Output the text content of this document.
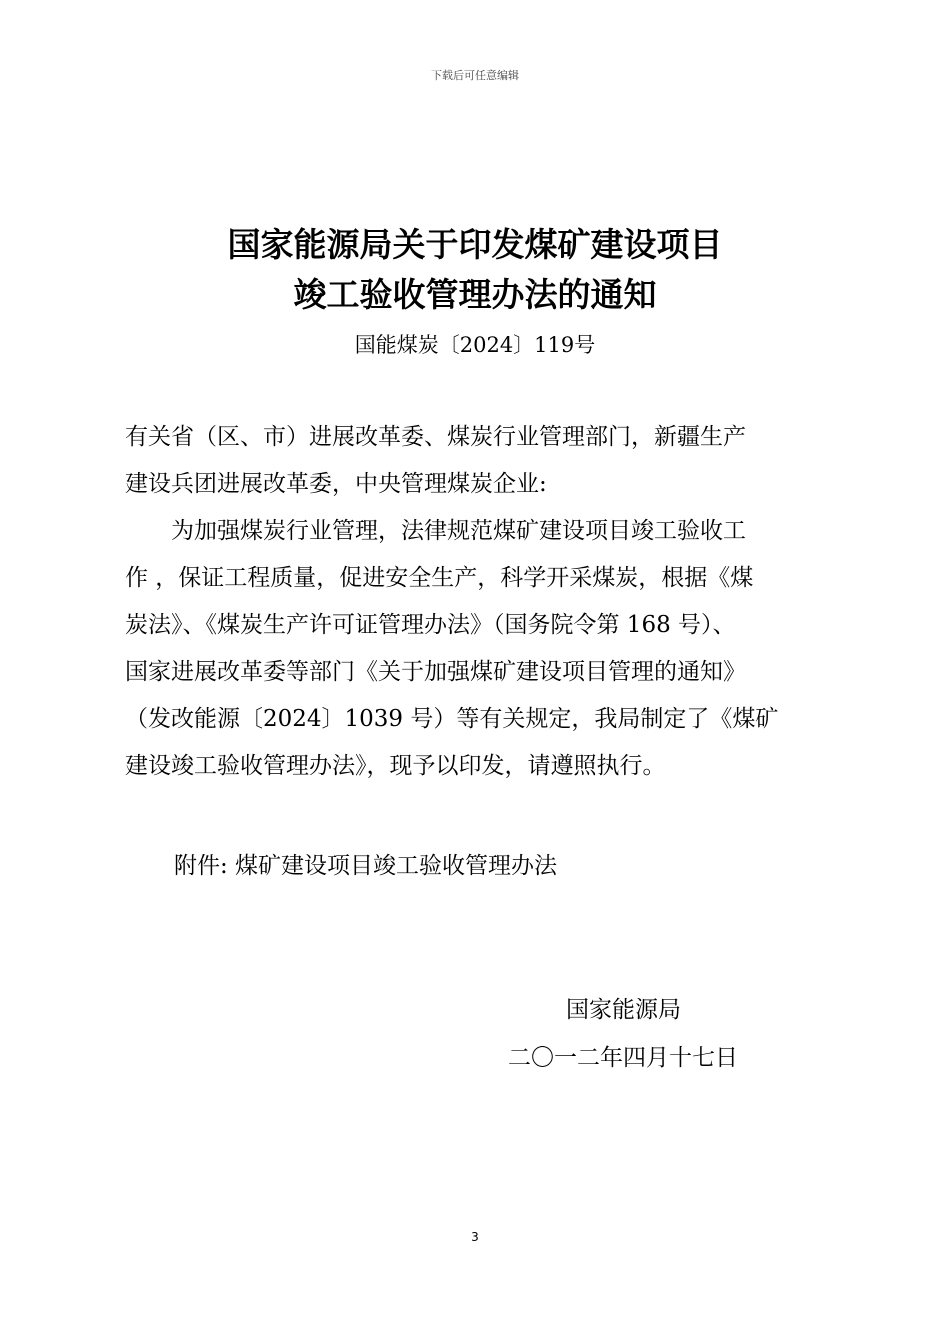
下载后可任意编辑
国家能源局关于印发煤矿建设项目
竣工验收管理办法的通知
国能煤炭〔2024〕119号
有关省（区、市）进展改革委、煤炭行业管理部门，新疆生产
建设兵团进展改革委，中央管理煤炭企业:
为加强煤炭行业管理，法律规范煤矿建设项目竣工验收工
作 ，保证工程质量，促进安全生产，科学开采煤炭，根据《煤
炭法》、《煤炭生产许可证管理办法》（国务院令第 168 号）、
国家进展改革委等部门《关于加强煤矿建设项目管理的通知》
（发改能源〔2024〕1039 号）等有关规定，我局制定了《煤矿
建设竣工验收管理办法》，现予以印发，请遵照执行。
附件: 煤矿建设项目竣工验收管理办法
国家能源局
二〇一二年四月十七日
3
